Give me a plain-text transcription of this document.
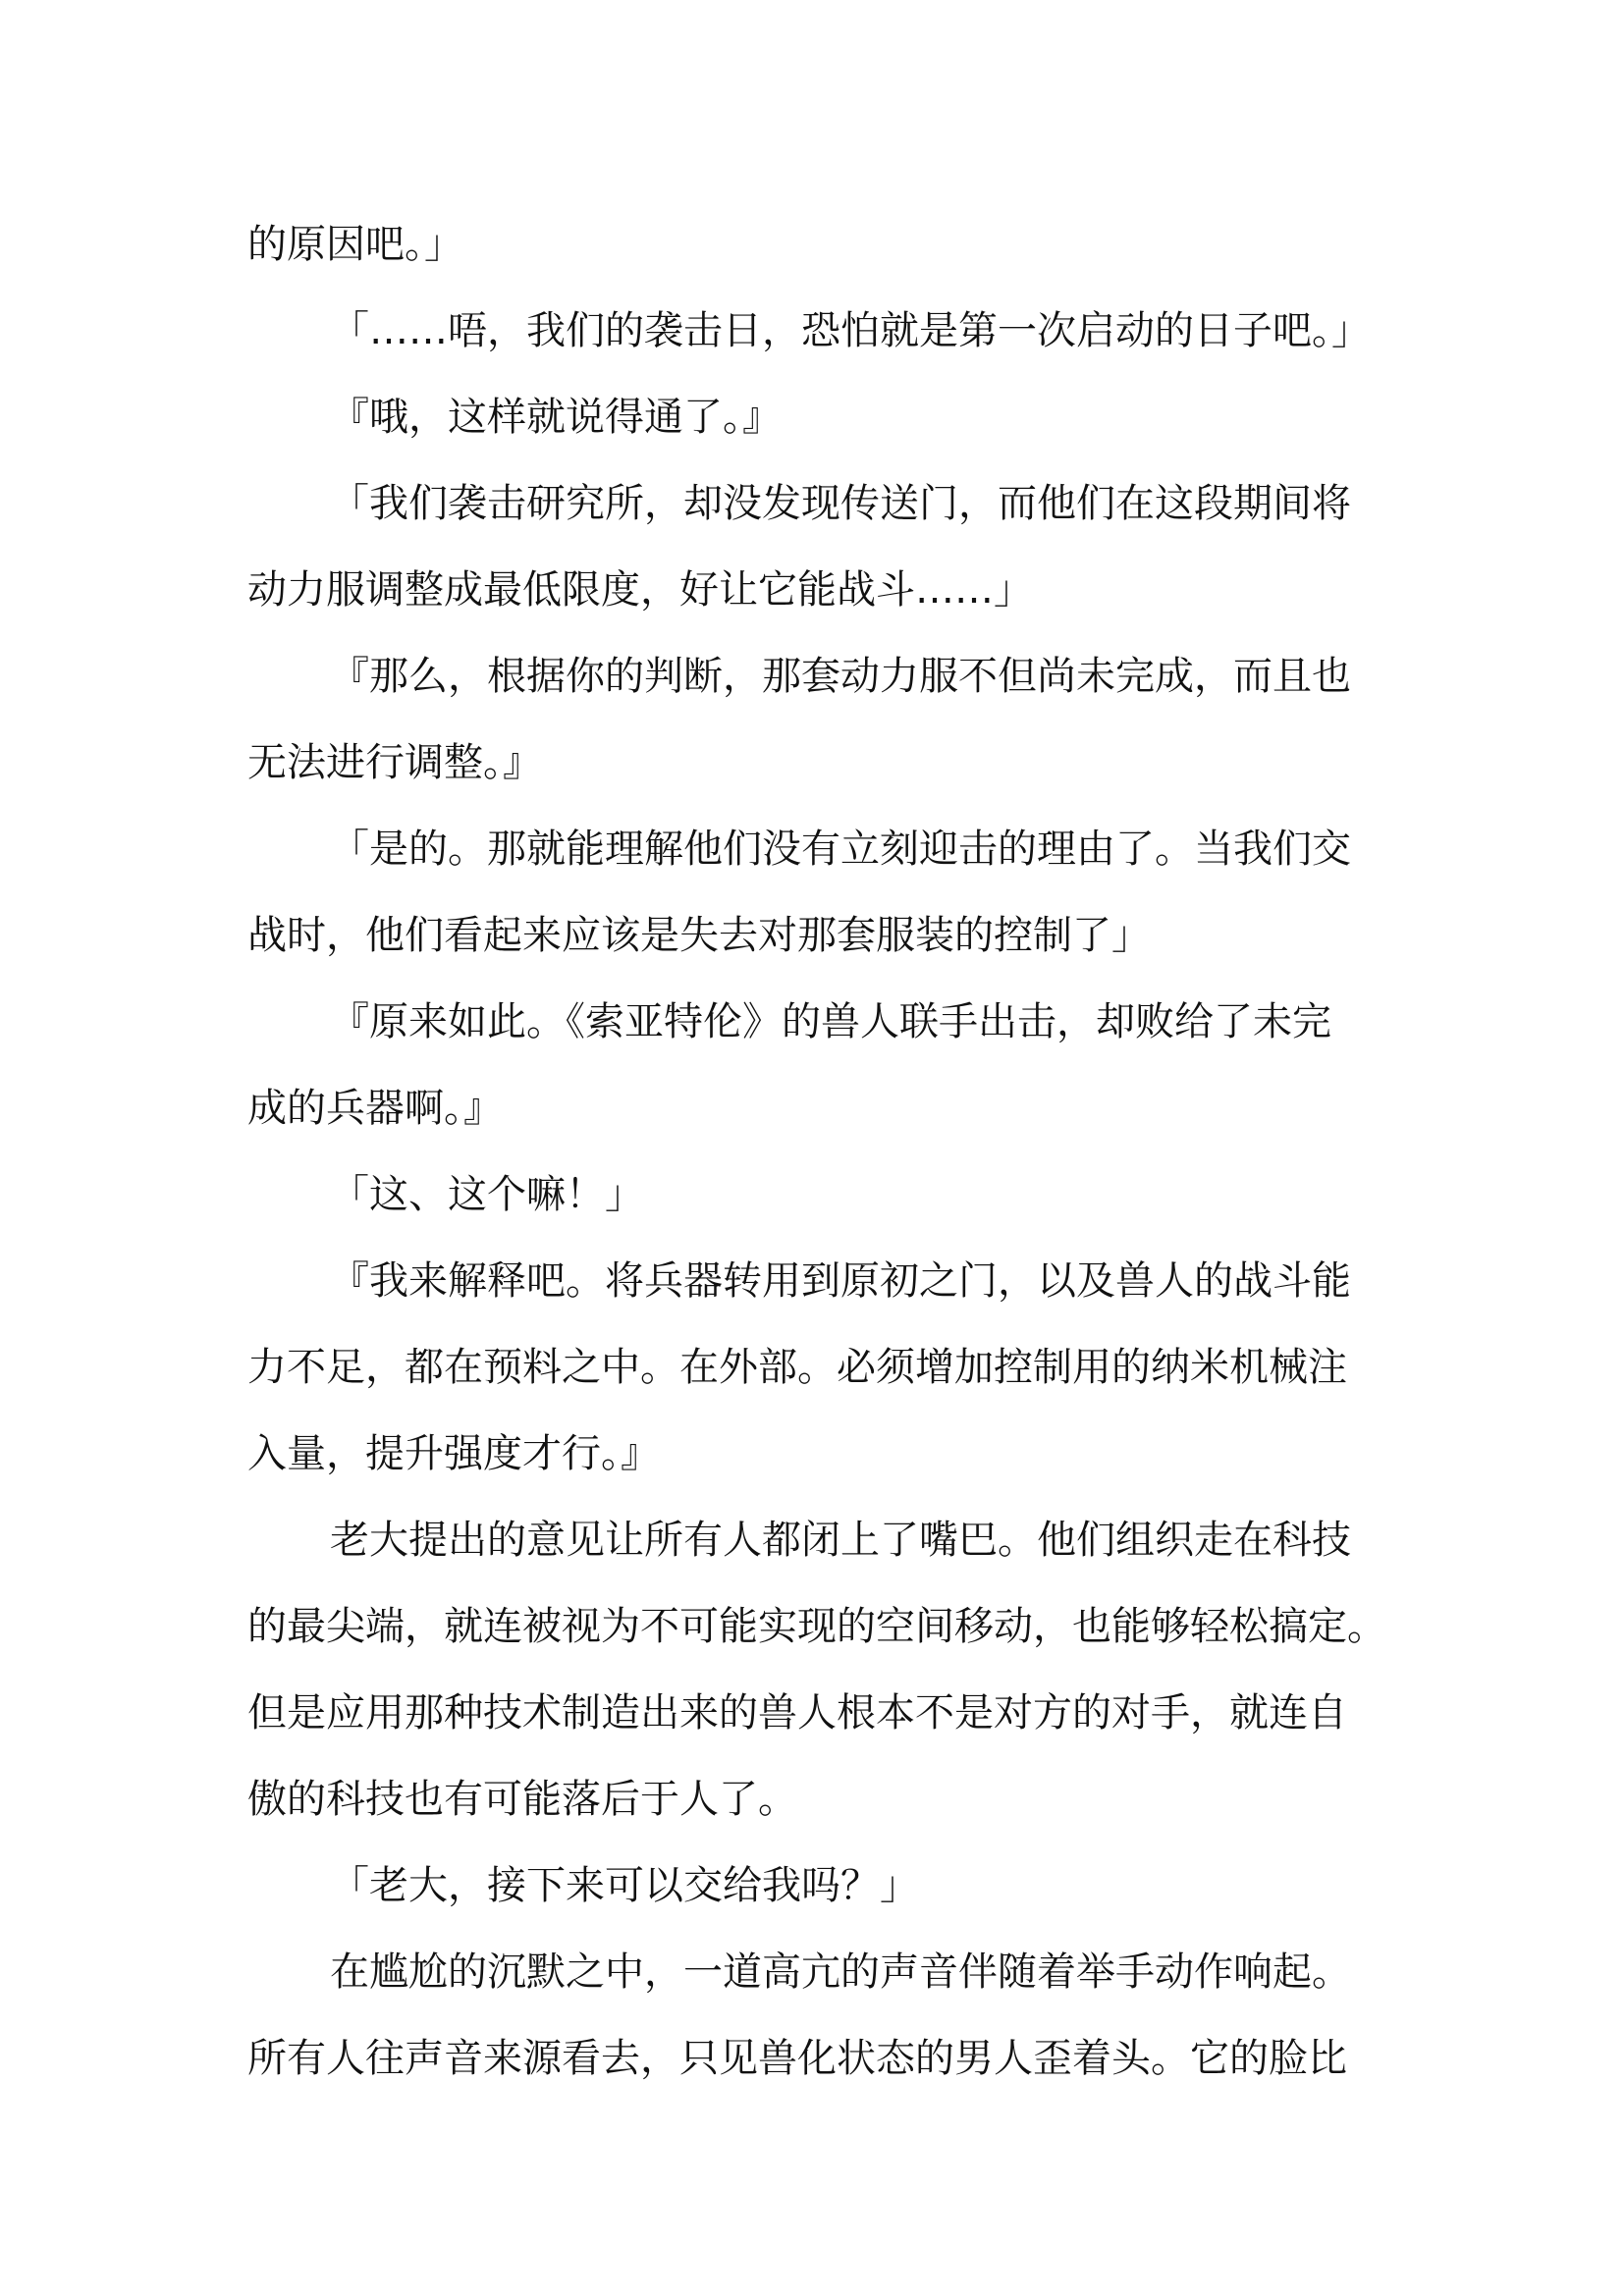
的原因吧。」
「……唔，我们的袭击日，恐怕就是第一次启动的日子吧。」
『哦，这样就说得通了。』
「我们袭击研究所，却没发现传送门，而他们在这段期间将
动力服调整成最低限度，好让它能战斗……」
『那么，根据你的判断，那套动力服不但尚未完成，而且也
无法进行调整。』
「是的。那就能理解他们没有立刻迎击的理由了。当我们交
战时，他们看起来应该是失去对那套服装的控制了」
『原来如此。《索亚特伦》的兽人联手出击，却败给了未完
成的兵器啊。』
「这、这个嘛！」
『我来解释吧。将兵器转用到原初之门，以及兽人的战斗能
力不足，都在预料之中。在外部。必须增加控制用的纳米机械注
入量，提升强度才行。』
老大提出的意见让所有人都闭上了嘴巴。他们组织走在科技
的最尖端，就连被视为不可能实现的空间移动，也能够轻松搞定。
但是应用那种技术制造出来的兽人根本不是对方的对手，就连自
傲的科技也有可能落后于人了。
「老大，接下来可以交给我吗？」
在尴尬的沉默之中，一道高亢的声音伴随着举手动作响起。
所有人往声音来源看去，只见兽化状态的男人歪着头。它的脸比
